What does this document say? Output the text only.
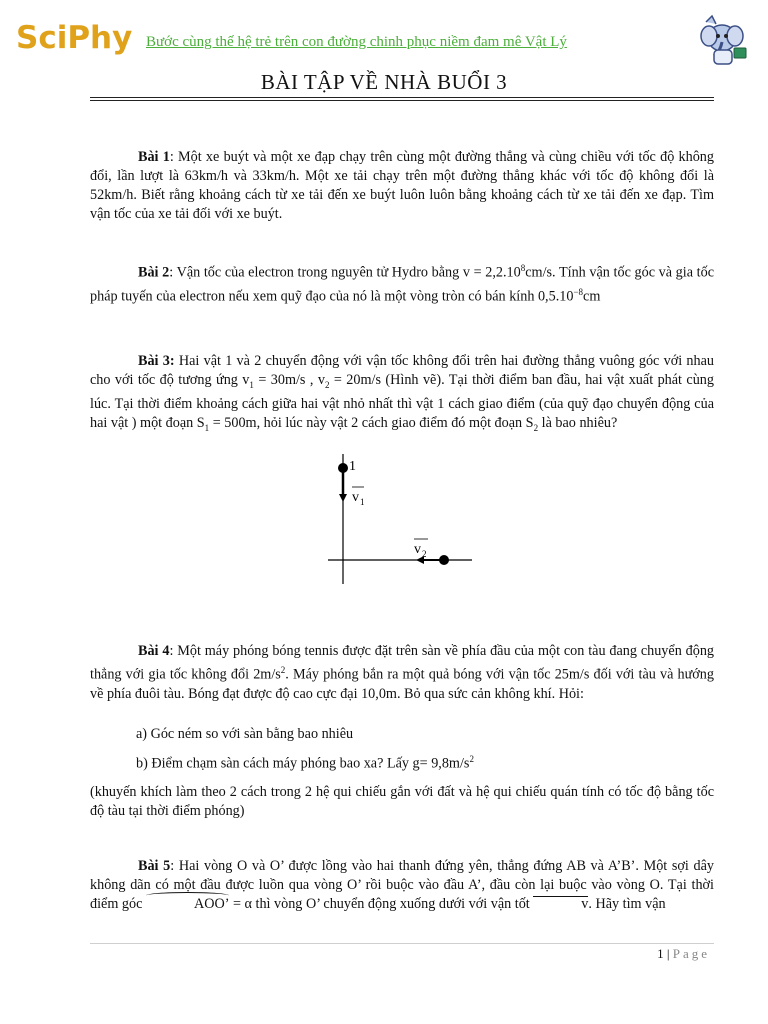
SciPhy Bước cùng thế hệ trẻ trên con đường chinh phục niềm đam mê Vật Lý
BÀI TẬP VỀ NHÀ BUỔI 3
Bài 1: Một xe buýt và một xe đạp chạy trên cùng một đường thẳng và cùng chiều với tốc độ không đổi, lần lượt là 63km/h và 33km/h. Một xe tải chạy trên một đường thẳng khác với tốc độ không đổi là 52km/h. Biết rằng khoảng cách từ xe tải đến xe buýt luôn luôn bằng khoảng cách từ xe tải đến xe đạp. Tìm vận tốc của xe tải đối với xe buýt.
Bài 2: Vận tốc của electron trong nguyên tử Hydro bằng $v = 2,2.10^8cm/s$. Tính vận tốc góc và gia tốc pháp tuyến của electron nếu xem quỹ đạo của nó là một vòng tròn có bán kính $0,5.10^{-8}cm$
Bài 3: Hai vật 1 và 2 chuyển động với vận tốc không đổi trên hai đường thẳng vuông góc với nhau cho với tốc độ tương ứng $v_1 = 30m/s$ , $v_2 = 20m/s$ (Hình vẽ). Tại thời điểm ban đầu, hai vật xuất phát cùng lúc. Tại thời điểm khoảng cách giữa hai vật nhỏ nhất thì vật 1 cách giao điểm (của quỹ đạo chuyển động của hai vật ) một đoạn $S_1 = 500m$, hỏi lúc này vật 2 cách giao điểm đó một đoạn $S_2$ là bao nhiêu?
1
v 1
v 2
Bài 4: Một máy phóng bóng tennis được đặt trên sàn về phía đầu của một con tàu đang chuyển động thẳng với gia tốc không đổi $2m/s^2$. Máy phóng bắn ra một quả bóng với vận tốc 25m/s đối với tàu và hướng về phía đuôi tàu. Bóng đạt được độ cao cực đại 10,0m. Bỏ qua sức cản không khí. Hỏi:
a) Góc ném so với sàn bằng bao nhiêu
b) Điểm chạm sàn cách máy phóng bao xa? Lấy $g= 9,8m/s^2$
(khuyến khích làm theo 2 cách trong 2 hệ qui chiếu gắn với đất và hệ qui chiếu quán tính có tốc độ bằng tốc độ tàu tại thời điểm phóng)
Bài 5: Hai vòng O và O’ được lồng vào hai thanh đứng yên, thẳng đứng AB và A’B’. Một sợi dây không dãn có một đầu được luồn qua vòng O’ rồi buộc vào đầu A’, đầu còn lại buộc vào vòng O. Tại thời điểm góc	AOO’ = α thì vòng O’ chuyển động xuống dưới với vận tốt	v. Hãy tìm vận
1 | Page
